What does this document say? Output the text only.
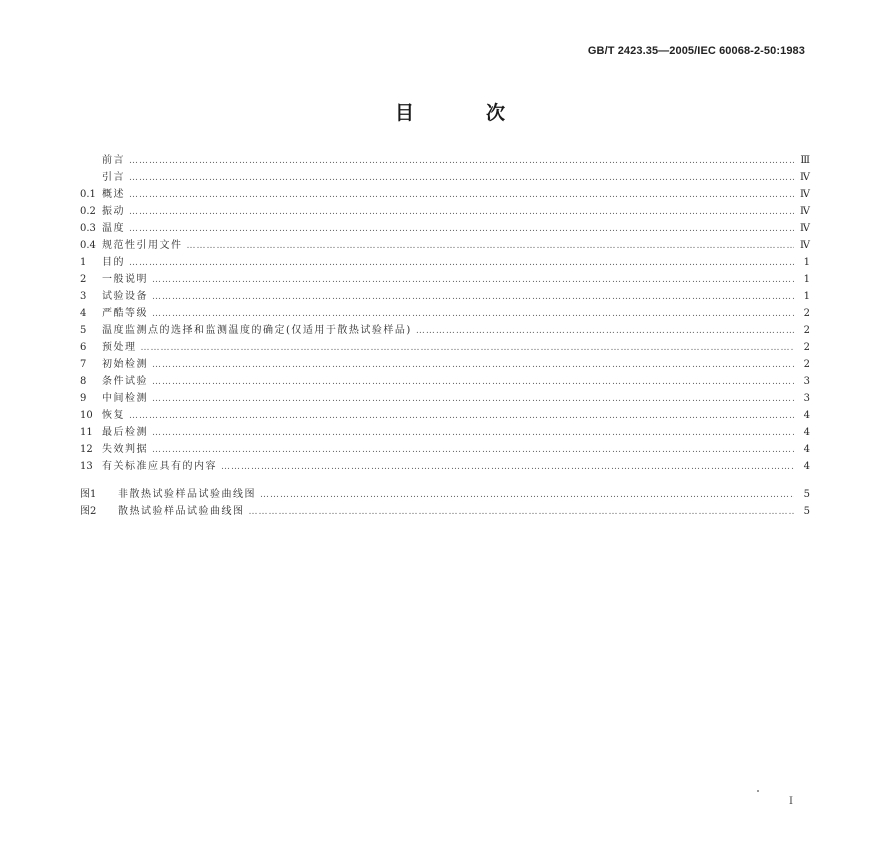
GB/T 2423.35—2005/IEC 60068-2-50:1983
目	次
前言 …………………………………………………………………………………………………………………………………………………………………………………………………………………………………………………………………………	Ⅲ
引言 …………………………………………………………………………………………………………………………………………………………………………………………………………………………………………………………………………	Ⅳ
0.1 概述 …………………………………………………………………………………………………………………………………………………………………………………………………………………………………………………………………………	Ⅳ
0.2 振动 …………………………………………………………………………………………………………………………………………………………………………………………………………………………………………………………………………	Ⅳ
0.3 温度 …………………………………………………………………………………………………………………………………………………………………………………………………………………………………………………………………………	Ⅳ
0.4 规范性引用文件 …………………………………………………………………………………………………………………………………………………………………………………………………………………………………………………………………………	Ⅳ
1	目的 …………………………………………………………………………………………………………………………………………………………………………………………………………………………………………………………………………	1
2	一般说明 …………………………………………………………………………………………………………………………………………………………………………………………………………………………………………………………………………	1
3	试验设备 …………………………………………………………………………………………………………………………………………………………………………………………………………………………………………………………………………	1
4	严酷等级 …………………………………………………………………………………………………………………………………………………………………………………………………………………………………………………………………………	2
5	温度监测点的选择和监测温度的确定(仅适用于散热试验样品) …………………………………………………………………………………………………………………………………………………………………………………………………………………………………………………………………………	2
6	预处理 …………………………………………………………………………………………………………………………………………………………………………………………………………………………………………………………………………	2
7	初始检测 …………………………………………………………………………………………………………………………………………………………………………………………………………………………………………………………………………	2
8	条件试验 …………………………………………………………………………………………………………………………………………………………………………………………………………………………………………………………………………	3
9	中间检测 …………………………………………………………………………………………………………………………………………………………………………………………………………………………………………………………………………	3
10 恢复 …………………………………………………………………………………………………………………………………………………………………………………………………………………………………………………………………………	4
11 最后检测 …………………………………………………………………………………………………………………………………………………………………………………………………………………………………………………………………………	4
12 失效判据 …………………………………………………………………………………………………………………………………………………………………………………………………………………………………………………………………………	4
13 有关标准应具有的内容 …………………………………………………………………………………………………………………………………………………………………………………………………………………………………………………………………………	4
图1	非散热试验样品试验曲线图 …………………………………………………………………………………………………………………………………………………………………………………………………………………………………………………………………………	5
图2	散热试验样品试验曲线图 …………………………………………………………………………………………………………………………………………………………………………………………………………………………………………………………………………	5
Ⅰ
